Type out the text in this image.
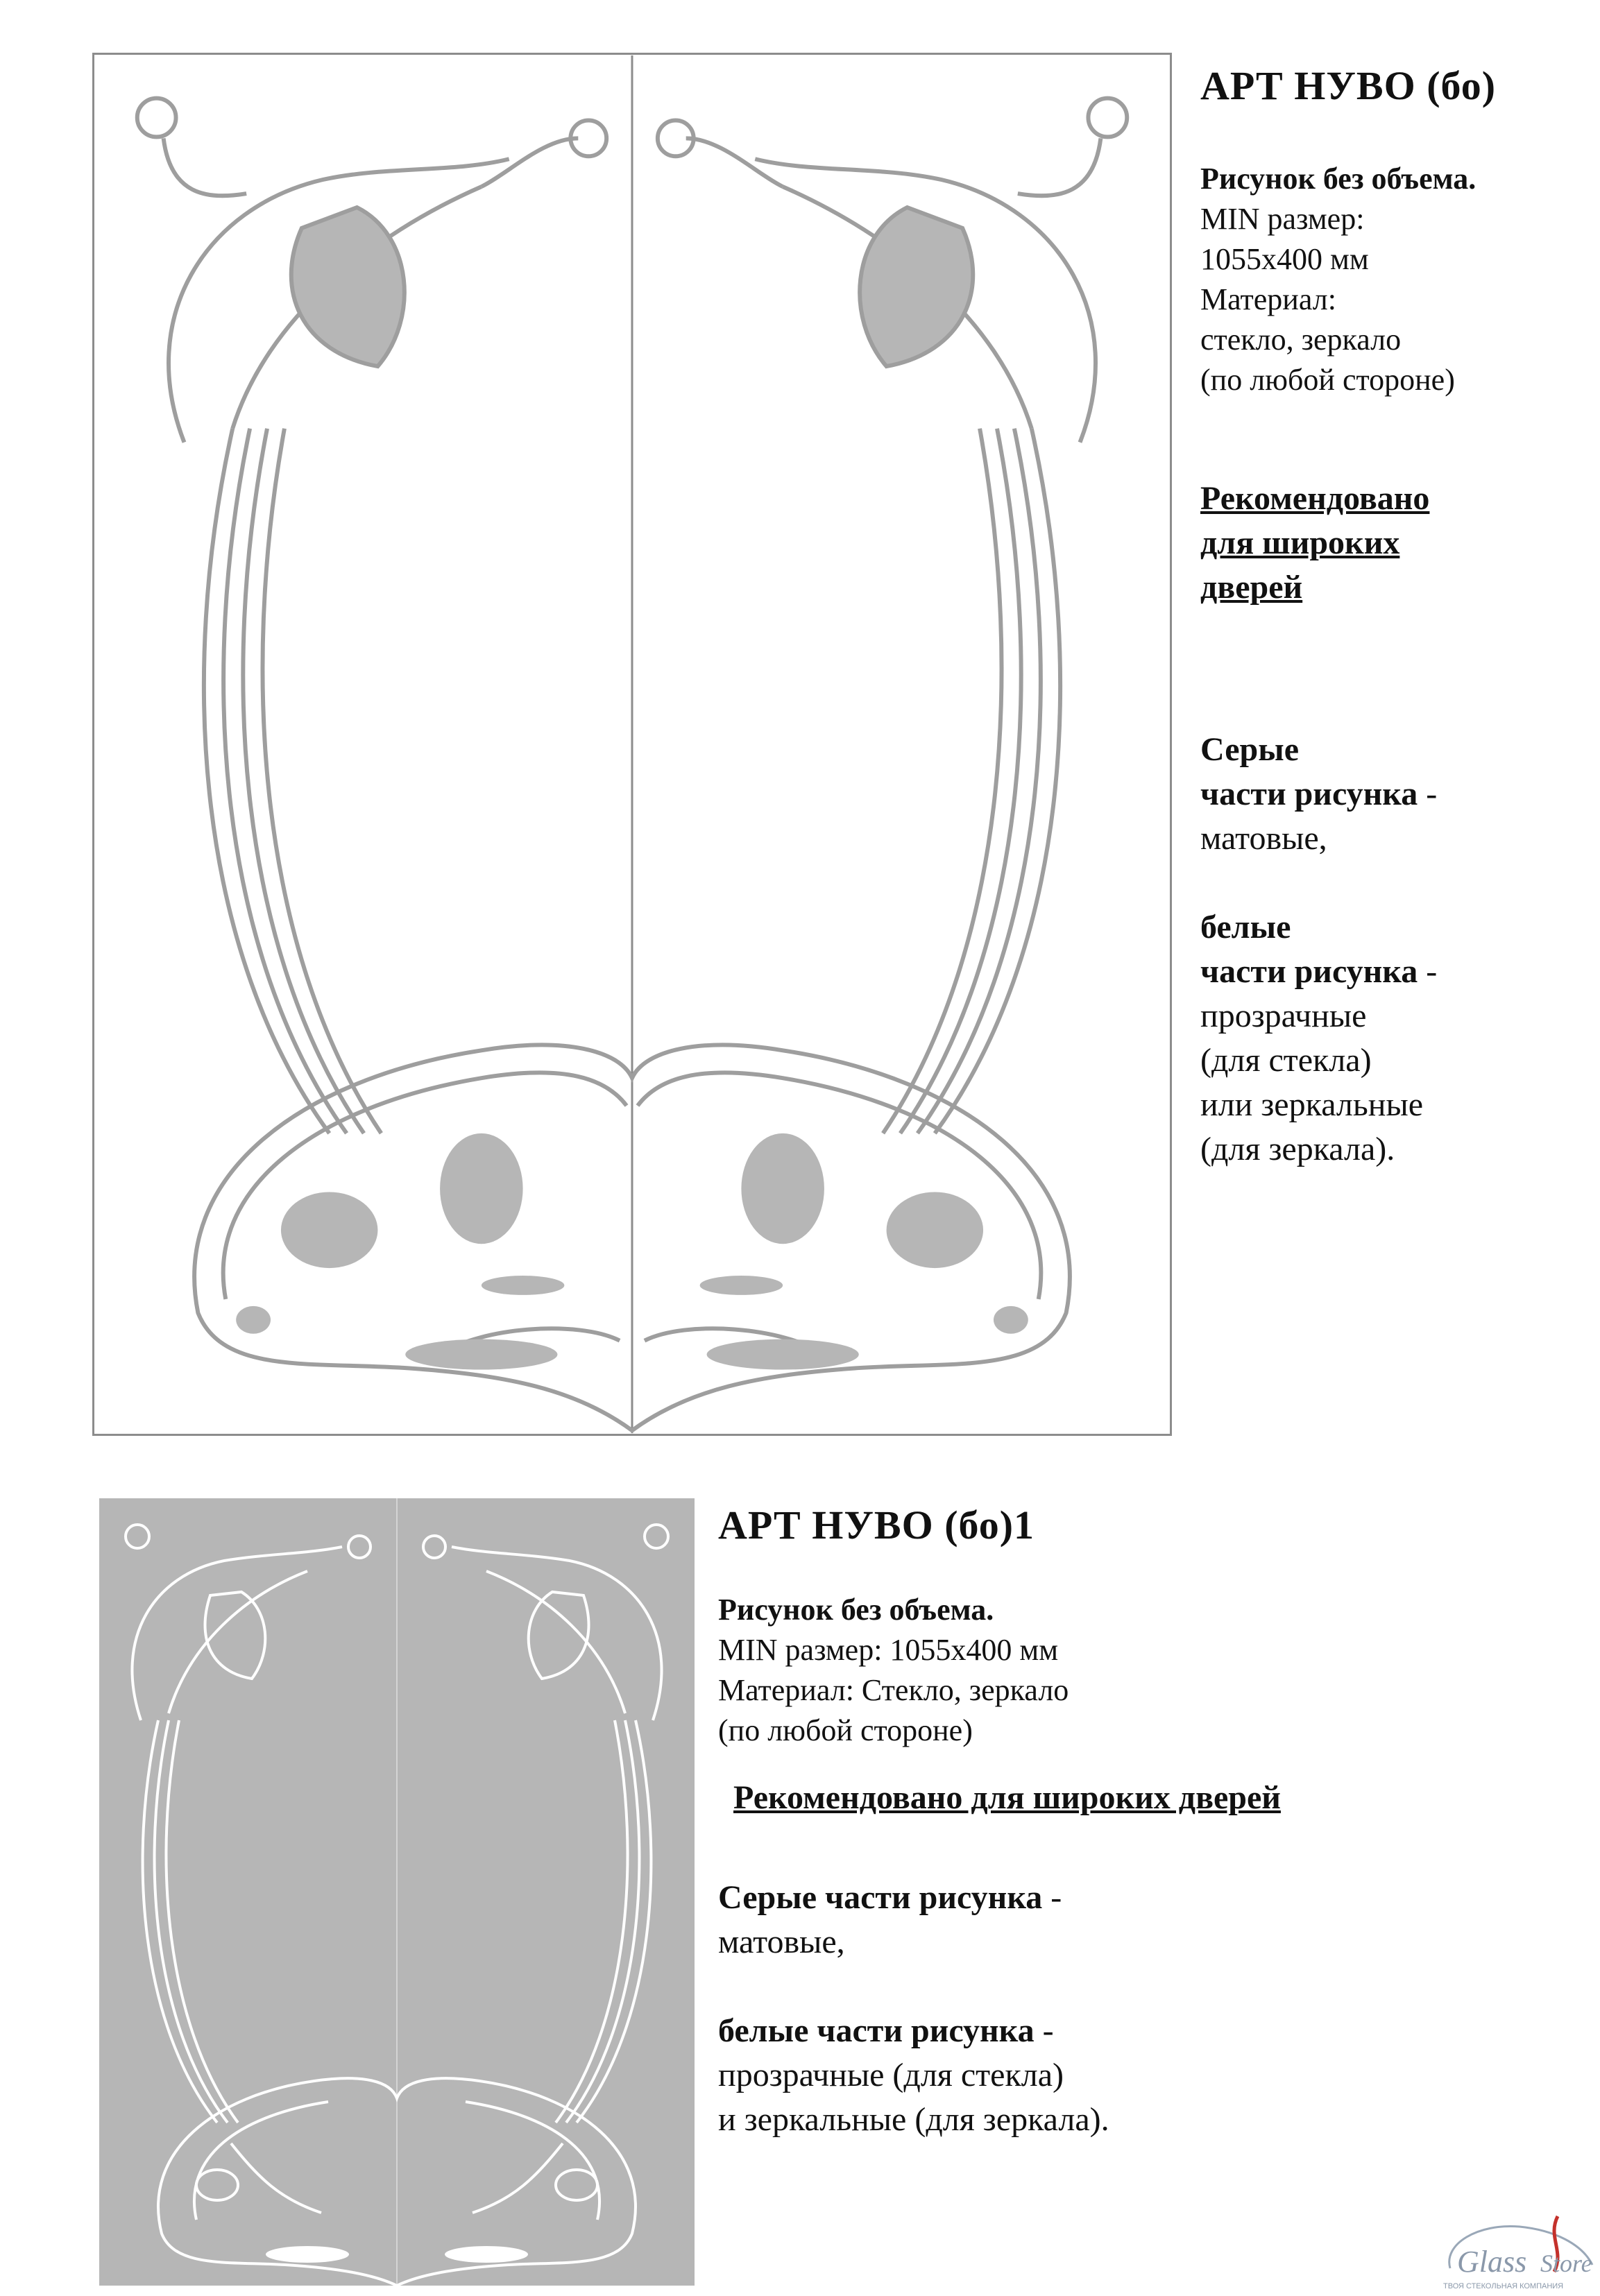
АРТ НУВО (бо)
Рисунок без объема.
MIN размер:
1055х400 мм
Материал:
стекло, зеркало
(по любой стороне)
Рекомендовано
для широких
дверей
Серые
части рисунка -
матовые,
белые
части рисунка -
прозрачные
(для стекла)
или зеркальные
(для зеркала).
АРТ НУВО (бо)1
Рисунок без объема.
MIN размер: 1055х400 мм
Материал: Стекло, зеркало
(по любой стороне)
Рекомендовано для широких дверей
Серые части рисунка -
матовые,
белые части рисунка -
прозрачные (для стекла)
и зеркальные (для зеркала).
Glass Store
ТВОЯ СТЕКОЛЬНАЯ КОМПАНИЯ
